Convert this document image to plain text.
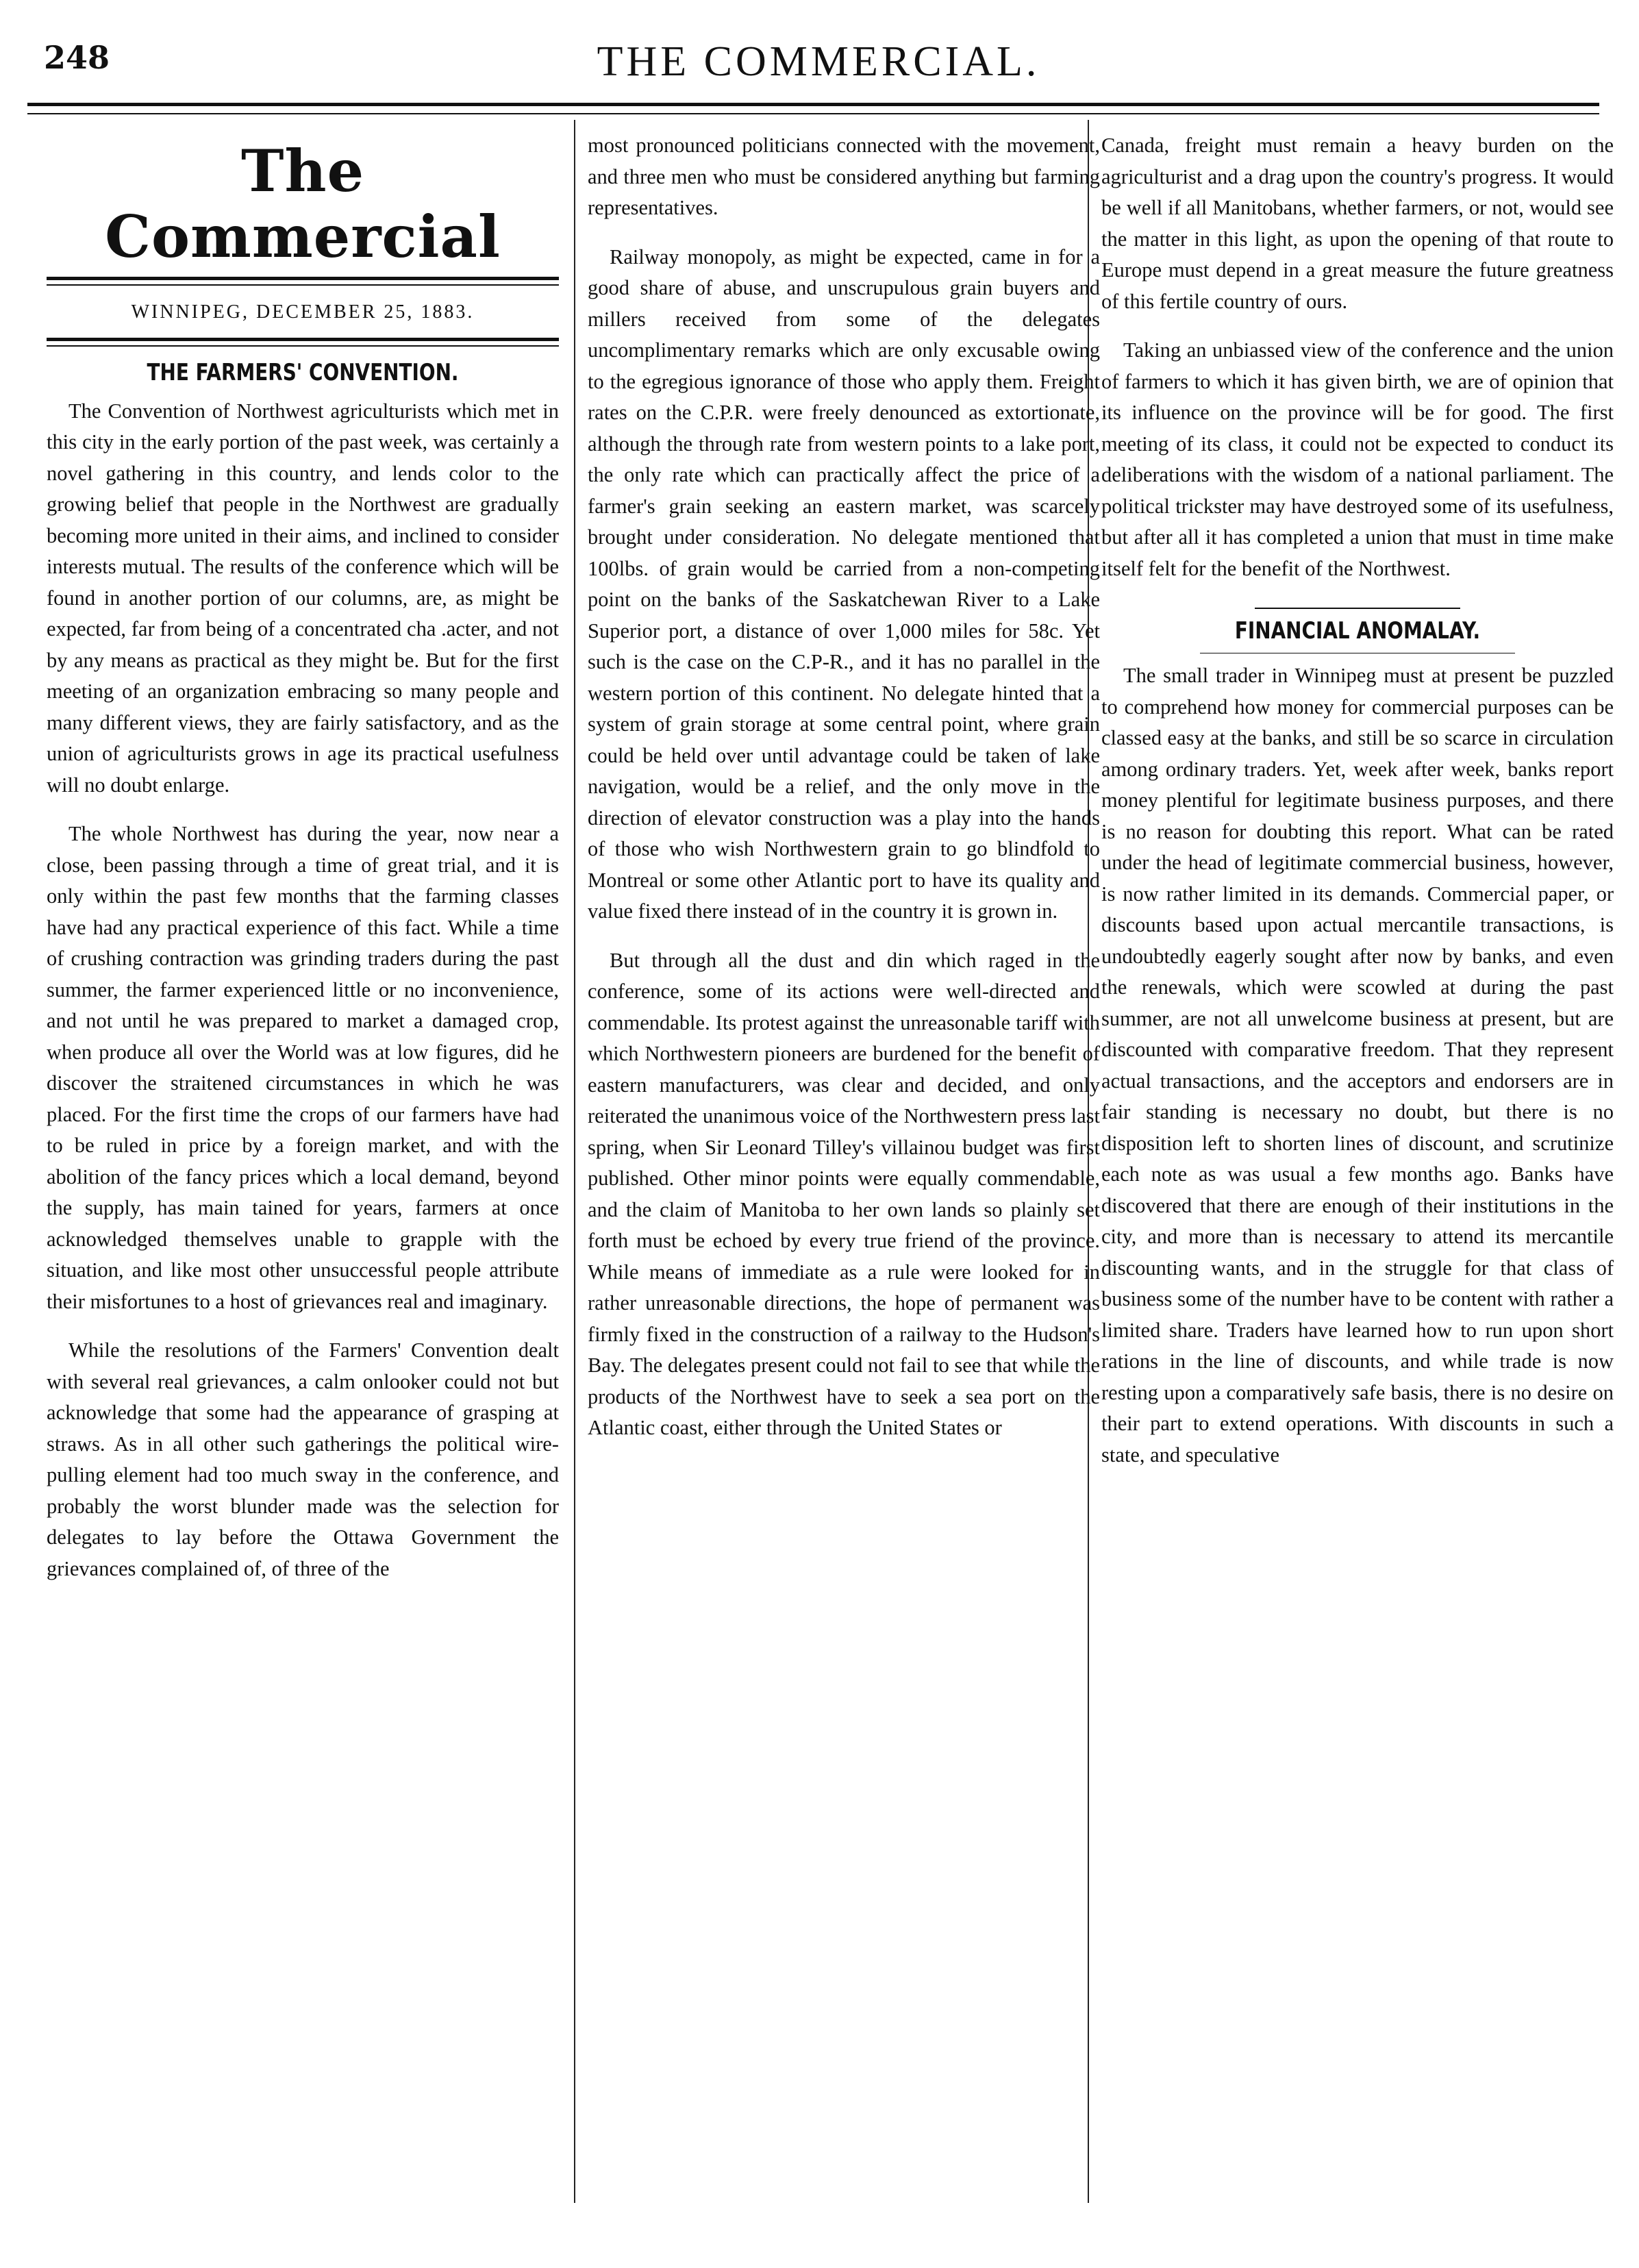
248	THE COMMERCIAL.
The Commercial
WINNIPEG, DECEMBER 25, 1883.
THE FARMERS' CONVENTION.

The Convention of Northwest agriculturists which met in this city in the early portion of the past week, was certainly a novel gathering in this country, and lends color to the growing belief that people in the Northwest are gradually becoming more united in their aims, and inclined to consider interests mutual. The results of the conference which will be found in another portion of our columns, are, as might be expected, far from being of a concentrated cha .acter, and not by any means as practical as they might be. But for the first meeting of an organization embracing so many people and many different views, they are fairly satisfactory, and as the union of agriculturists grows in age its practical usefulness will no doubt enlarge.

The whole Northwest has during the year, now near a close, been passing through a time of great trial, and it is only within the past few months that the farming classes have had any practical experience of this fact. While a time of crushing contraction was grinding traders during the past summer, the farmer experienced little or no inconvenience, and not until he was prepared to market a damaged crop, when produce all over the World was at low figures, did he discover the straitened circumstances in which he was placed. For the first time the crops of our farmers have had to be ruled in price by a foreign market, and with the abolition of the fancy prices which a local demand, beyond the supply, has main tained for years, farmers at once acknowledged themselves unable to grapple with the situation, and like most other unsuccessful people attribute their misfortunes to a host of grievances real and imaginary.

While the resolutions of the Farmers' Convention dealt with several real grievances, a calm onlooker could not but acknowledge that some had the appearance of grasping at straws. As in all other such gatherings the political wire-pulling element had too much sway in the conference, and probably the worst blunder made was the selection for delegates to lay before the Ottawa Government the grievances complained of, of three of the

most pronounced politicians connected with the movement, and three men who must be considered anything but farming representatives.

Railway monopoly, as might be expected, came in for a good share of abuse, and unscrupulous grain buyers and millers received from some of the delegates uncomplimentary remarks which are only excusable owing to the egregious ignorance of those who apply them. Freight rates on the C.P.R. were freely denounced as extortionate, although the through rate from western points to a lake port, the only rate which can practically affect the price of a farmer's grain seeking an eastern market, was scarcely brought under consideration. No delegate mentioned that 100lbs. of grain would be carried from a non-competing point on the banks of the Saskatchewan River to a Lake Superior port, a distance of over 1,000 miles for 58c. Yet such is the case on the C.P-R., and it has no parallel in the western portion of this continent. No delegate hinted that a system of grain storage at some central point, where grain could be held over until advantage could be taken of lake navigation, would be a relief, and the only move in the direction of elevator construction was a play into the hands of those who wish Northwestern grain to go blindfold to Montreal or some other Atlantic port to have its quality and value fixed there instead of in the country it is grown in.

But through all the dust and din which raged in the conference, some of its actions were well-directed and commendable. Its protest against the unreasonable tariff with which Northwestern pioneers are burdened for the benefit of eastern manufacturers, was clear and decided, and only reiterated the unanimous voice of the Northwestern press last spring, when Sir Leonard Tilley's villainou budget was first published. Other minor points were equally commendable, and the claim of Manitoba to her own lands so plainly set forth must be echoed by every true friend of the province. While means of immediate as a rule were looked for in rather unreasonable directions, the hope of permanent was firmly fixed in the construction of a railway to the Hudson's Bay. The delegates present could not fail to see that while the products of the Northwest have to seek a sea port on the Atlantic coast, either through the United States or

Canada, freight must remain a heavy burden on the agriculturist and a drag upon the country's progress. It would be well if all Manitobans, whether farmers, or not, would see the matter in this light, as upon the opening of that route to Europe must depend in a great measure the future greatness of this fertile country of ours.

Taking an unbiassed view of the conference and the union of farmers to which it has given birth, we are of opinion that its influence on the province will be for good. The first meeting of its class, it could not be expected to conduct its deliberations with the wisdom of a national parliament. The political trickster may have destroyed some of its usefulness, but after all it has completed a union that must in time make itself felt for the benefit of the Northwest.

FINANCIAL ANOMALAY.

The small trader in Winnipeg must at present be puzzled to comprehend how money for commercial purposes can be classed easy at the banks, and still be so scarce in circulation among ordinary traders. Yet, week after week, banks report money plentiful for legitimate business purposes, and there is no reason for doubting this report. What can be rated under the head of legitimate commercial business, however, is now rather limited in its demands. Commercial paper, or discounts based upon actual mercantile transactions, is undoubtedly eagerly sought after now by banks, and even the renewals, which were scowled at during the past summer, are not all unwelcome business at present, but are discounted with comparative freedom. That they represent actual transactions, and the acceptors and endorsers are in fair standing is necessary no doubt, but there is no disposition left to shorten lines of discount, and scrutinize each note as was usual a few months ago. Banks have discovered that there are enough of their institutions in the city, and more than is necessary to attend its mercantile discounting wants, and in the struggle for that class of business some of the number have to be content with rather a limited share. Traders have learned how to run upon short rations in the line of discounts, and while trade is now resting upon a comparatively safe basis, there is no desire on their part to extend operations. With discounts in such a state, and speculative
